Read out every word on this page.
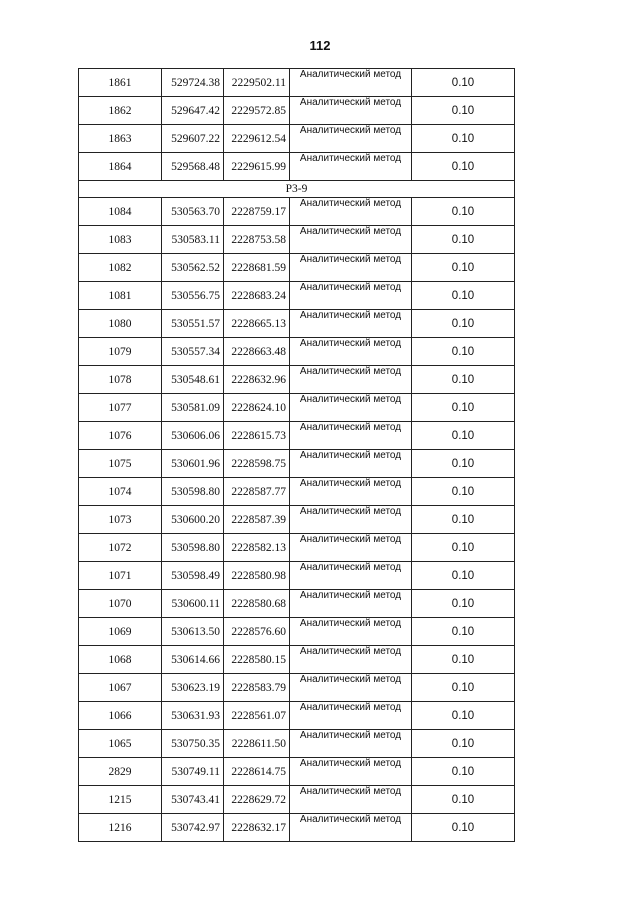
112
1861	529724.38	2229502.11	Аналитический метод	0.10
1862	529647.42	2229572.85	Аналитический метод	0.10
1863	529607.22	2229612.54	Аналитический метод	0.10
1864	529568.48	2229615.99	Аналитический метод	0.10
Р3-9				
1084	530563.70	2228759.17	Аналитический метод	0.10
1083	530583.11	2228753.58	Аналитический метод	0.10
1082	530562.52	2228681.59	Аналитический метод	0.10
1081	530556.75	2228683.24	Аналитический метод	0.10
1080	530551.57	2228665.13	Аналитический метод	0.10
1079	530557.34	2228663.48	Аналитический метод	0.10
1078	530548.61	2228632.96	Аналитический метод	0.10
1077	530581.09	2228624.10	Аналитический метод	0.10
1076	530606.06	2228615.73	Аналитический метод	0.10
1075	530601.96	2228598.75	Аналитический метод	0.10
1074	530598.80	2228587.77	Аналитический метод	0.10
1073	530600.20	2228587.39	Аналитический метод	0.10
1072	530598.80	2228582.13	Аналитический метод	0.10
1071	530598.49	2228580.98	Аналитический метод	0.10
1070	530600.11	2228580.68	Аналитический метод	0.10
1069	530613.50	2228576.60	Аналитический метод	0.10
1068	530614.66	2228580.15	Аналитический метод	0.10
1067	530623.19	2228583.79	Аналитический метод	0.10
1066	530631.93	2228561.07	Аналитический метод	0.10
1065	530750.35	2228611.50	Аналитический метод	0.10
2829	530749.11	2228614.75	Аналитический метод	0.10
1215	530743.41	2228629.72	Аналитический метод	0.10
1216	530742.97	2228632.17	Аналитический метод	0.10
